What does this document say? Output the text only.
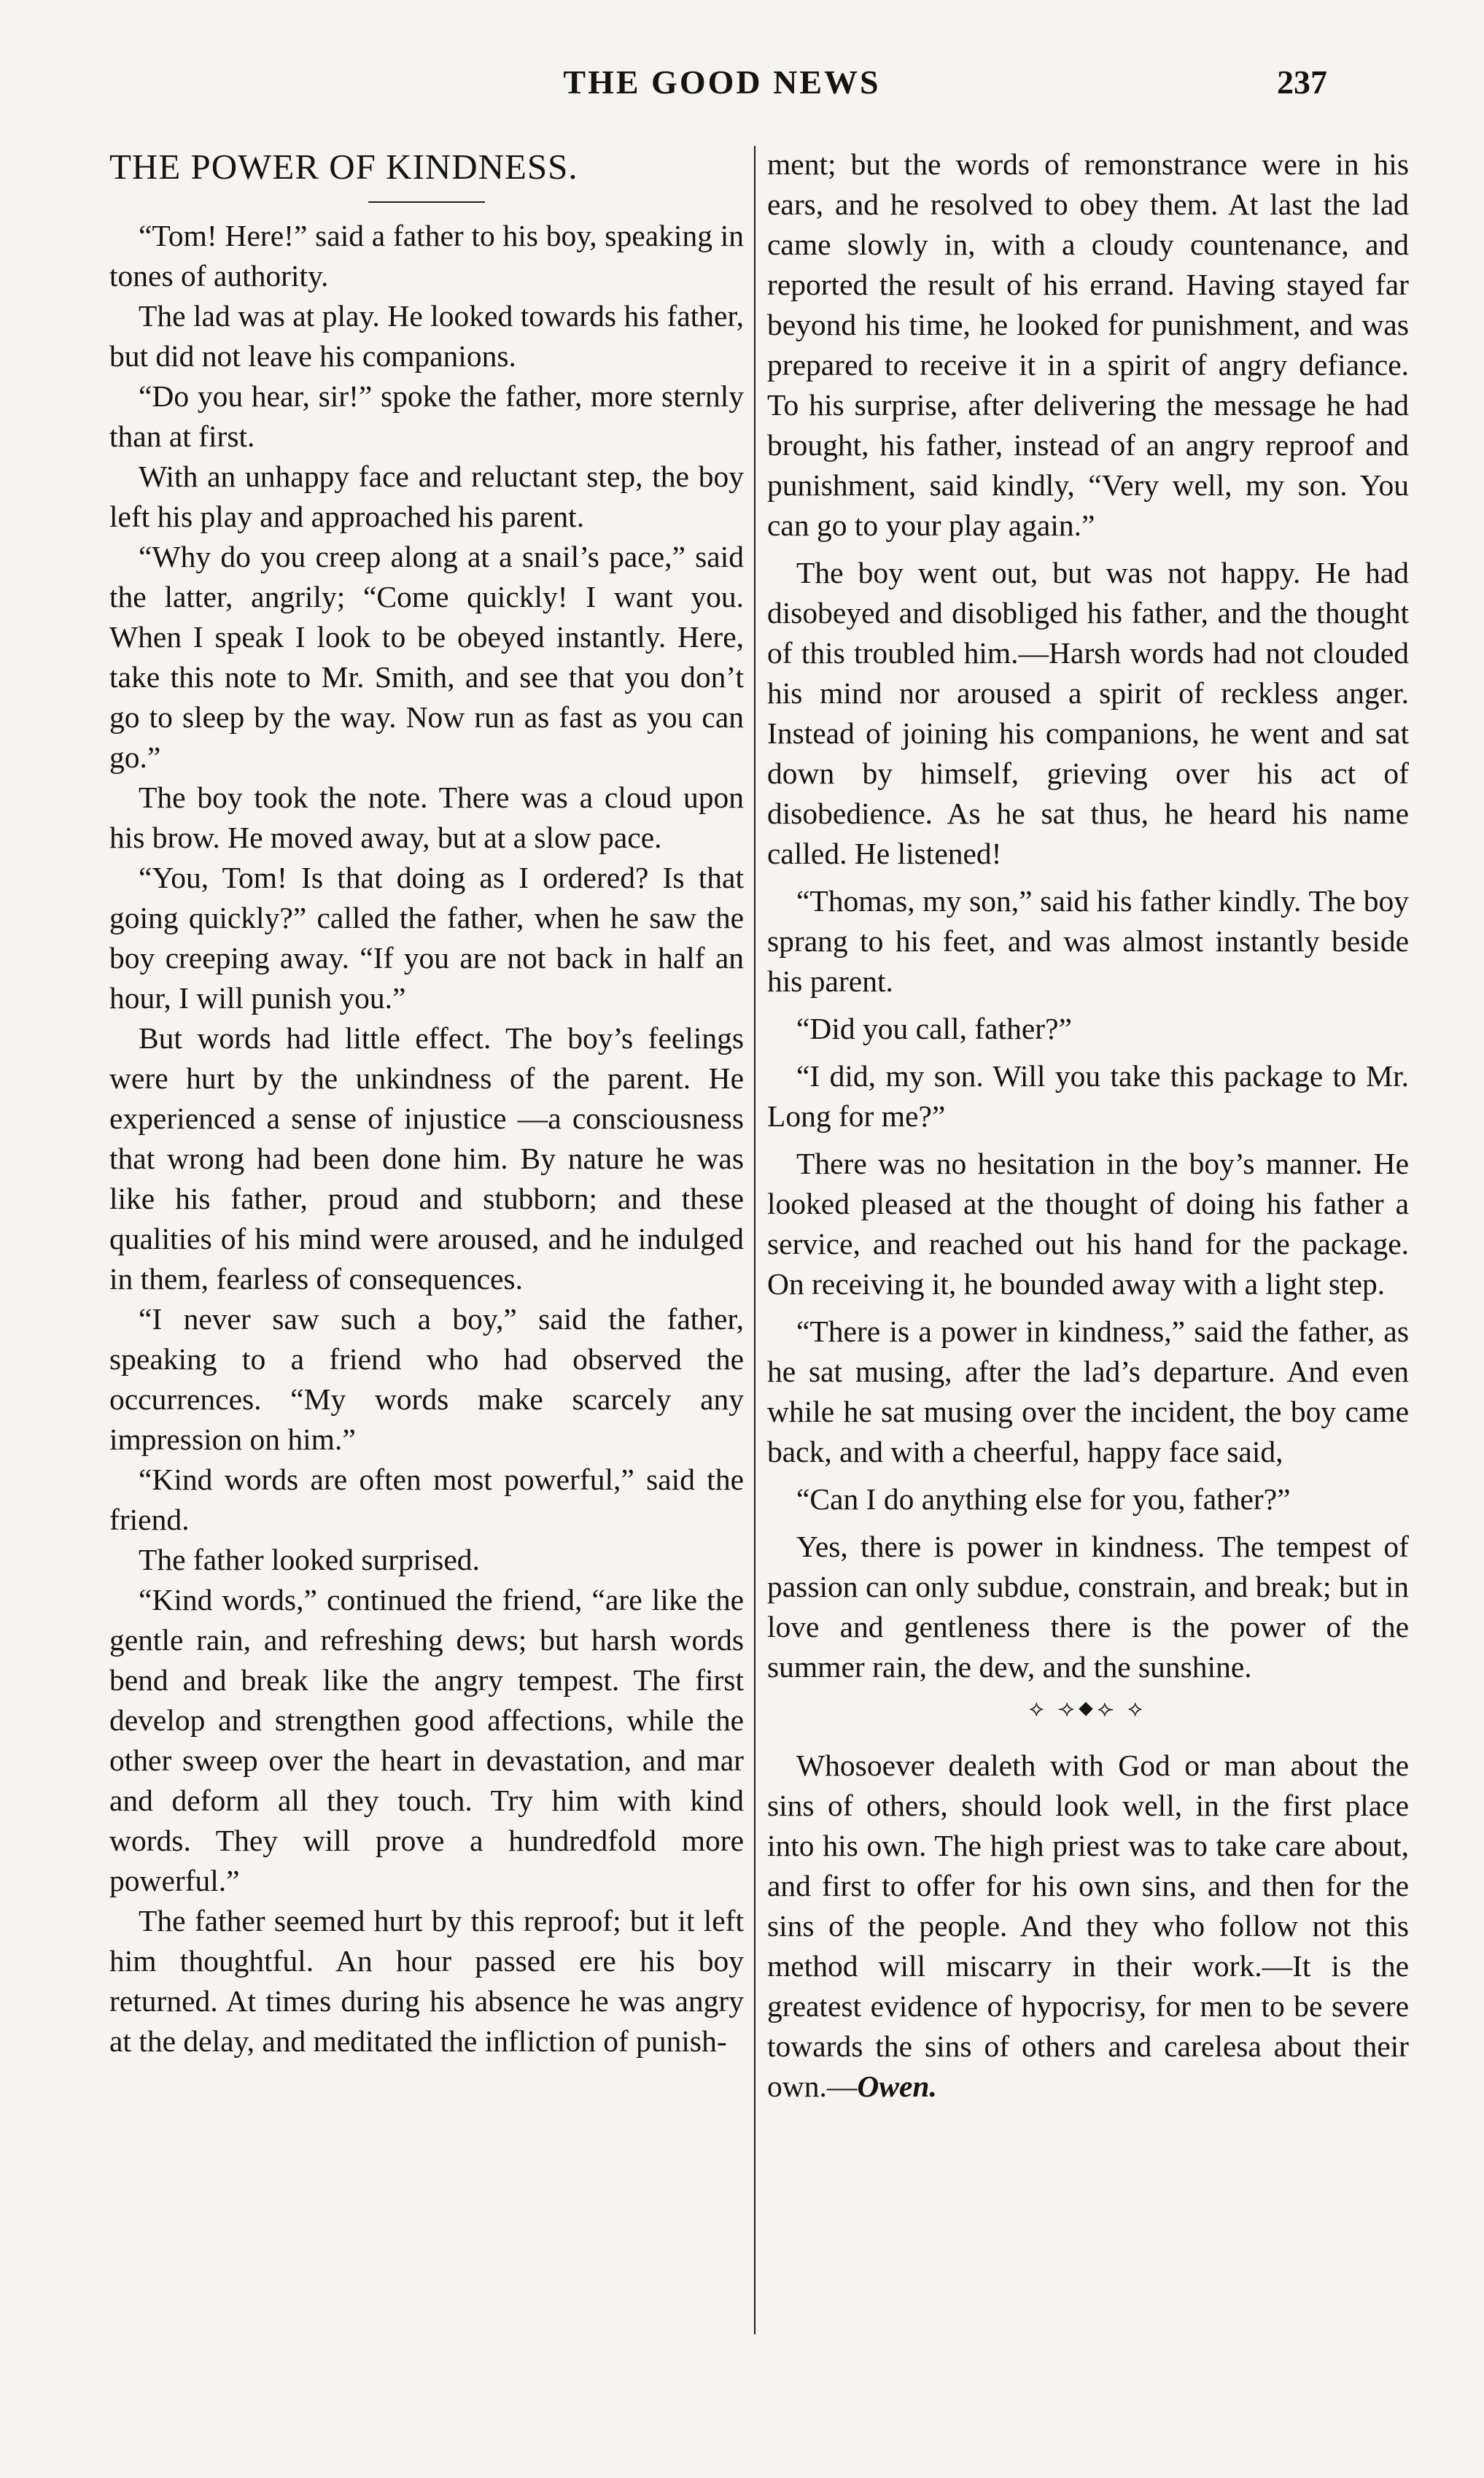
THE GOOD NEWS	237
THE POWER OF KINDNESS.

“Tom! Here!” said a father to his boy, speaking in tones of authority.

The lad was at play. He looked towards his father, but did not leave his companions.

“Do you hear, sir!” spoke the father, more sternly than at first.

With an unhappy face and reluctant step, the boy left his play and approached his parent.

“Why do you creep along at a snail’s pace,” said the latter, angrily; “Come quickly! I want you. When I speak I look to be obeyed instantly. Here, take this note to Mr. Smith, and see that you don’t go to sleep by the way. Now run as fast as you can go.”

The boy took the note. There was a cloud upon his brow. He moved away, but at a slow pace.

“You, Tom! Is that doing as I ordered? Is that going quickly?” called the father, when he saw the boy creeping away. “If you are not back in half an hour, I will punish you.”

But words had little effect. The boy’s feelings were hurt by the unkindness of the parent. He experienced a sense of injustice —a consciousness that wrong had been done him. By nature he was like his father, proud and stubborn; and these qualities of his mind were aroused, and he indulged in them, fearless of consequences.

“I never saw such a boy,” said the father, speaking to a friend who had observed the occurrences. “My words make scarcely any impression on him.”

“Kind words are often most powerful,” said the friend.

The father looked surprised.

“Kind words,” continued the friend, “are like the gentle rain, and refreshing dews; but harsh words bend and break like the angry tempest. The first develop and strengthen good affections, while the other sweep over the heart in devastation, and mar and deform all they touch. Try him with kind words. They will prove a hundredfold more powerful.”

The father seemed hurt by this reproof; but it left him thoughtful. An hour passed ere his boy returned. At times during his absence he was angry at the delay, and meditated the infliction of punish-

ment; but the words of remonstrance were in his ears, and he resolved to obey them. At last the lad came slowly in, with a cloudy countenance, and reported the result of his errand. Having stayed far beyond his time, he looked for punishment, and was prepared to receive it in a spirit of angry defiance. To his surprise, after delivering the message he had brought, his father, instead of an angry reproof and punishment, said kindly, “Very well, my son. You can go to your play again.”

The boy went out, but was not happy. He had disobeyed and disobliged his father, and the thought of this troubled him.—Harsh words had not clouded his mind nor aroused a spirit of reckless anger. Instead of joining his companions, he went and sat down by himself, grieving over his act of disobedience. As he sat thus, he heard his name called. He listened!

“Thomas, my son,” said his father kindly. The boy sprang to his feet, and was almost instantly beside his parent.

“Did you call, father?”

“I did, my son. Will you take this package to Mr. Long for me?”

There was no hesitation in the boy’s manner. He looked pleased at the thought of doing his father a service, and reached out his hand for the package. On receiving it, he bounded away with a light step.

“There is a power in kindness,” said the father, as he sat musing, after the lad’s departure. And even while he sat musing over the incident, the boy came back, and with a cheerful, happy face said,

“Can I do anything else for you, father?”

Yes, there is power in kindness. The tempest of passion can only subdue, constrain, and break; but in love and gentleness there is the power of the summer rain, the dew, and the sunshine.

⟡ ⟢⬥⟣ ⟡

Whosoever dealeth with God or man about the sins of others, should look well, in the first place into his own. The high priest was to take care about, and first to offer for his own sins, and then for the sins of the people. And they who follow not this method will miscarry in their work.—It is the greatest evidence of hypocrisy, for men to be severe towards the sins of others and carelesa about their own.—Owen.
